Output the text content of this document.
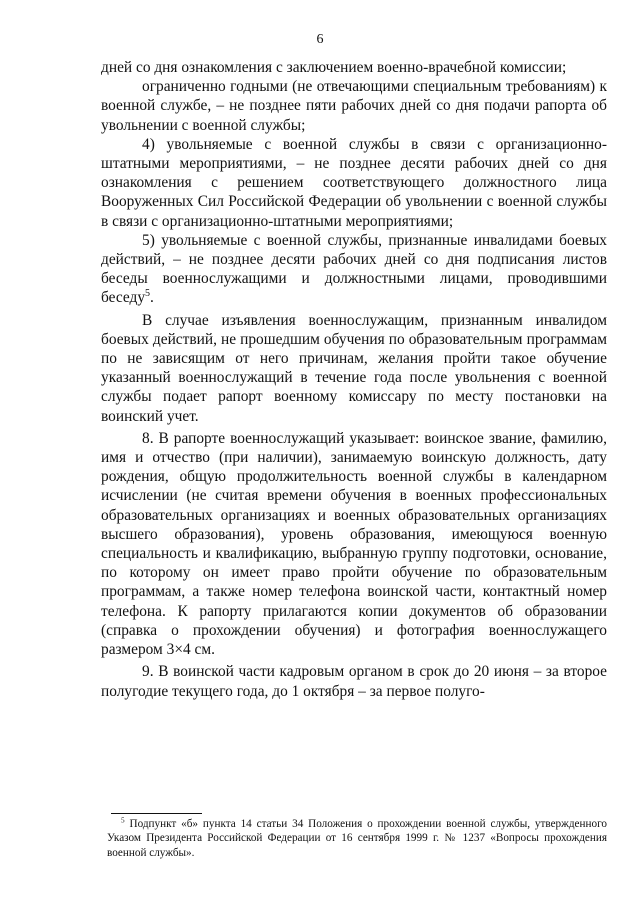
6

дней со дня ознакомления с заключением военно-врачебной комиссии;

ограниченно годными (не отвечающими специальным требованиям) к военной службе, – не позднее пяти рабочих дней со дня подачи рапорта об увольнении с военной службы;

4) увольняемые с военной службы в связи с организационно-штатными мероприятиями, – не позднее десяти рабочих дней со дня ознакомления с решением соответствующего должностного лица Вооруженных Сил Российской Федерации об увольнении с военной службы в связи с организационно-штатными мероприятиями;

5) увольняемые с военной службы, признанные инвалидами боевых действий, – не позднее десяти рабочих дней со дня подписания листов беседы военнослужащими и должностными лицами, проводившими беседу$^5$.

В случае изъявления военнослужащим, признанным инвалидом боевых действий, не прошедшим обучения по образовательным программам по не зависящим от него причинам, желания пройти такое обучение указанный военнослужащий в течение года после увольнения с военной службы подает рапорт военному комиссару по месту постановки на воинский учет.

8. В рапорте военнослужащий указывает: воинское звание, фамилию, имя и отчество (при наличии), занимаемую воинскую должность, дату рождения, общую продолжительность военной службы в календарном исчислении (не считая времени обучения в военных профессиональных образовательных организациях и военных образовательных организациях высшего образования), уровень образования, имеющуюся военную специальность и квалификацию, выбранную группу подготовки, основание, по которому он имеет право пройти обучение по образовательным программам, а также номер телефона воинской части, контактный номер телефона. К рапорту прилагаются копии документов об образовании (справка о прохождении обучения) и фотография военнослужащего размером 3×4 см.

9. В воинской части кадровым органом в срок до 20 июня – за второе полугодие текущего года, до 1 октября – за первое полуго-

$^5$ Подпункт «б» пункта 14 статьи 34 Положения о прохождении военной службы, утвержденного Указом Президента Российской Федерации от 16 сентября 1999 г. № 1237 «Вопросы прохождения военной службы».
